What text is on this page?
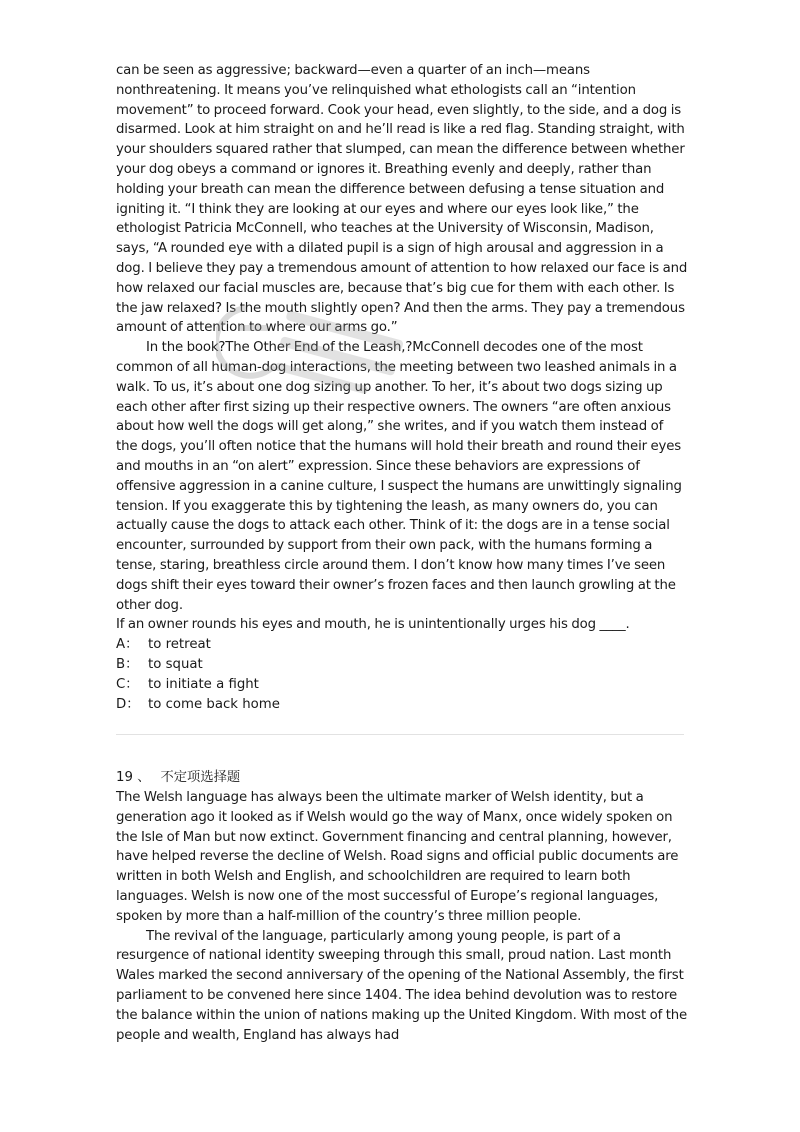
can be seen as aggressive; backward—even a quarter of an inch—means nonthreatening. It means you’ve relinquished what ethologists call an “intention movement” to proceed forward. Cook your head, even slightly, to the side, and a dog is disarmed. Look at him straight on and he’ll read is like a red flag. Standing straight, with your shoulders squared rather that slumped, can mean the difference between whether your dog obeys a command or ignores it. Breathing evenly and deeply, rather than holding your breath can mean the difference between defusing a tense situation and igniting it. “I think they are looking at our eyes and where our eyes look like,” the ethologist Patricia McConnell, who teaches at the University of Wisconsin, Madison, says, “A rounded eye with a dilated pupil is a sign of high arousal and aggression in a dog. I believe they pay a tremendous amount of attention to how relaxed our face is and how relaxed our facial muscles are, because that’s big cue for them with each other. Is the jaw relaxed? Is the mouth slightly open? And then the arms. They pay a tremendous amount of attention to where our arms go.”

In the book?The Other End of the Leash,?McConnell decodes one of the most common of all human-dog interactions, the meeting between two leashed animals in a walk. To us, it’s about one dog sizing up another. To her, it’s about two dogs sizing up each other after first sizing up their respective owners. The owners “are often anxious about how well the dogs will get along,” she writes, and if you watch them instead of the dogs, you’ll often notice that the humans will hold their breath and round their eyes and mouths in an “on alert” expression. Since these behaviors are expressions of offensive aggression in a canine culture, I suspect the humans are unwittingly signaling tension. If you exaggerate this by tightening the leash, as many owners do, you can actually cause the dogs to attack each other. Think of it: the dogs are in a tense social encounter, surrounded by support from their own pack, with the humans forming a tense, staring, breathless circle around them. I don’t know how many times I’ve seen dogs shift their eyes toward their owner’s frozen faces and then launch growling at the other dog.

If an owner rounds his eyes and mouth, he is unintentionally urges his dog ____.

A： to retreat
B： to squat
C： to initiate a fight
D： to come back home
19 、 不定项选择题

The Welsh language has always been the ultimate marker of Welsh identity, but a generation ago it looked as if Welsh would go the way of Manx, once widely spoken on the Isle of Man but now extinct. Government financing and central planning, however, have helped reverse the decline of Welsh. Road signs and official public documents are written in both Welsh and English, and schoolchildren are required to learn both languages. Welsh is now one of the most successful of Europe’s regional languages, spoken by more than a half-million of the country’s three million people.

The revival of the language, particularly among young people, is part of a resurgence of national identity sweeping through this small, proud nation. Last month Wales marked the second anniversary of the opening of the National Assembly, the first parliament to be convened here since 1404. The idea behind devolution was to restore the balance within the union of nations making up the United Kingdom. With most of the people and wealth, England has always had
